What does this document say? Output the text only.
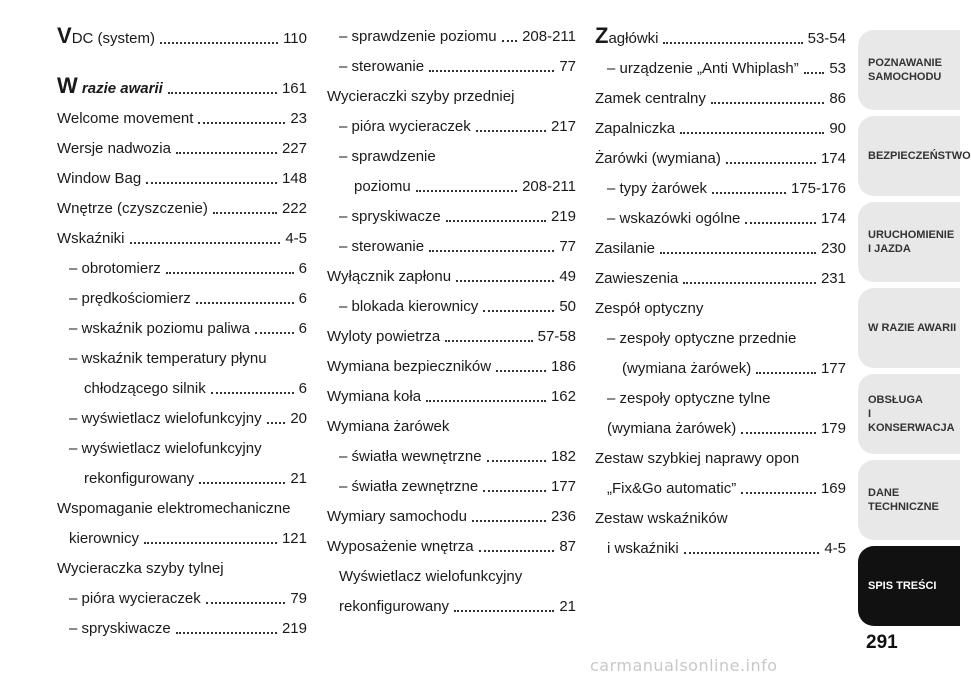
VDC (system)	110
W razie awarii	161
Welcome movement	23
Wersje nadwozia	227
Window Bag	148
Wnętrze (czyszczenie)	222
Wskaźniki	4-5
– obrotomierz	6
– prędkościomierz	6
– wskaźnik poziomu paliwa	6
– wskaźnik temperatury płynu
chłodzącego silnik	6
– wyświetlacz wielofunkcyjny 20
– wyświetlacz wielofunkcyjny
rekonfigurowany	21
Wspomaganie elektromechaniczne
kierownicy	121
Wycieraczka szyby tylnej
– pióra wycieraczek	79
– spryskiwacze	219
– sprawdzenie poziomu 208-211
– sterowanie	77
Wycieraczki szyby przedniej
– pióra wycieraczek	217
– sprawdzenie
poziomu	208-211
– spryskiwacze	219
– sterowanie	77
Wyłącznik zapłonu	49
– blokada kierownicy	50
Wyloty powietrza	57-58
Wymiana bezpieczników	186
Wymiana koła	162
Wymiana żarówek
– światła wewnętrzne	182
– światła zewnętrzne	177
Wymiary samochodu	236
Wyposażenie wnętrza	87
Wyświetlacz wielofunkcyjny
rekonfigurowany	21
Zagłówki	53-54
– urządzenie „Anti Whiplash” 53
Zamek centralny	86
Zapalniczka	90
Żarówki (wymiana)	174
– typy żarówek	175-176
– wskazówki ogólne	174
Zasilanie	230
Zawieszenia	231
Zespół optyczny
– zespoły optyczne przednie
(wymiana żarówek)	177
– zespoły optyczne tylne
(wymiana żarówek)	179
Zestaw szybkiej naprawy opon
„Fix&Go automatic”	169
Zestaw wskaźników
i wskaźniki	4-5
POZNAWANIE
SAMOCHODU
BEZPIECZEŃSTWO
URUCHOMIENIE
I JAZDA
W RAZIE AWARII
OBSŁUGA
I KONSERWACJA
DANE
TECHNICZNE
SPIS TREŚCI
291
carmanualsonline.info
